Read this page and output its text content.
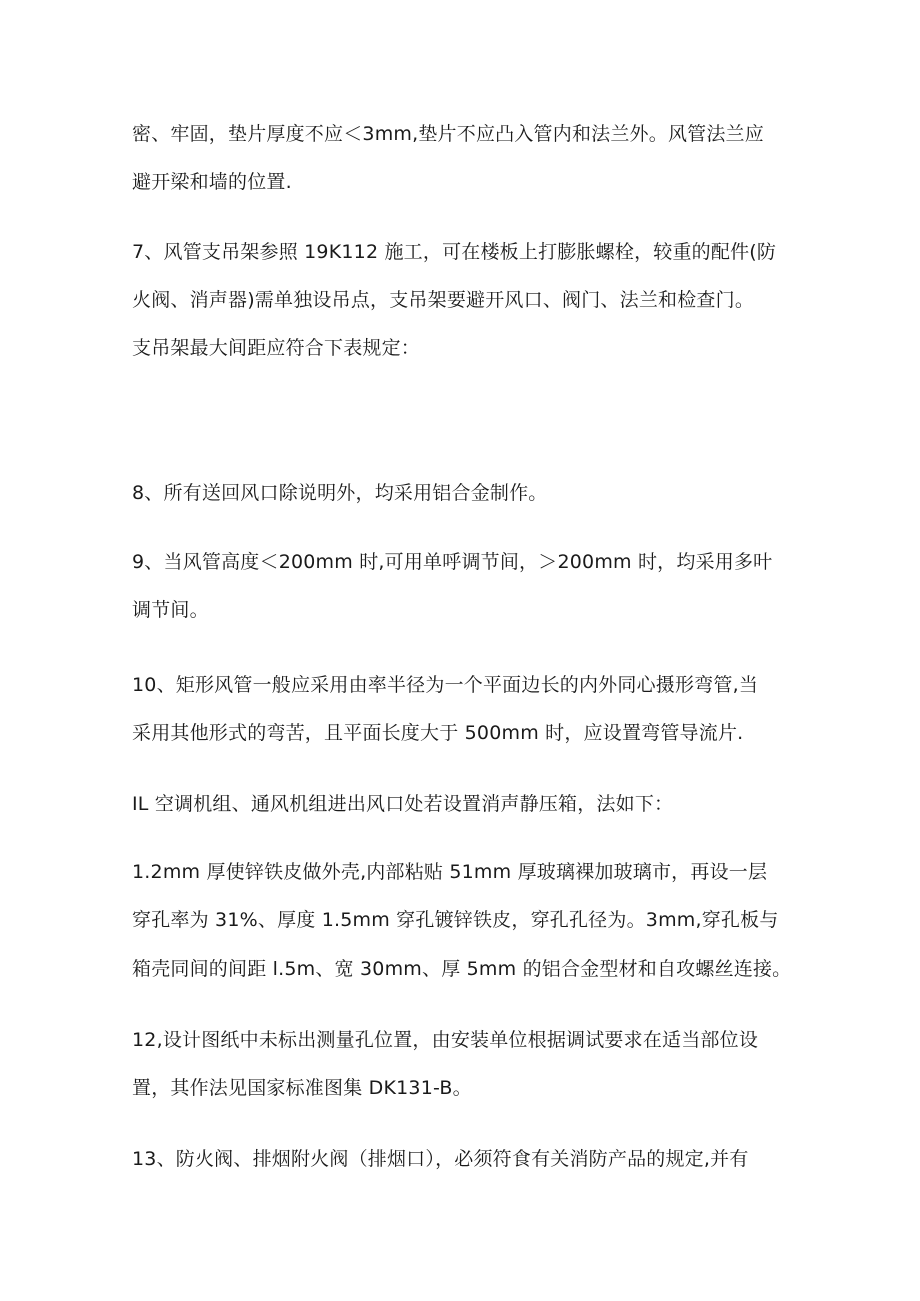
密、牢固，垫片厚度不应＜3mm,垫片不应凸入管内和法兰外。风管法兰应
避开梁和墙的位置.
7、风管支吊架参照 19K112 施工，可在楼板上打膨胀螺栓，较重的配件(防
火阀、消声器)需单独设吊点，支吊架要避开风口、阀门、法兰和检查门。
支吊架最大间距应符合下表规定：
8、所有送回风口除说明外，均采用铝合金制作。
9、当风管高度＜200mm 时,可用单呼调节间，＞200mm 时，均采用多叶
调节间。
10、矩形风管一般应采用由率半径为一个平面边长的内外同心摄形弯管,当
采用其他形式的弯苦，且平面长度大于 500mm 时，应设置弯管导流片.
IL 空调机组、通风机组进出风口处若设置消声静压箱，法如下：
1.2mm 厚使锌铁皮做外壳,内部粘贴 51mm 厚玻璃裸加玻璃市，再设一层
穿孔率为 31%、厚度 1.5mm 穿孔镀锌铁皮，穿孔孔径为。3mm,穿孔板与
箱壳同间的间距 l.5m、宽 30mm、厚 5mm 的铝合金型材和自攻螺丝连接。
12,设计图纸中未标出测量孔位置，由安装单位根据调试要求在适当部位设
置，其作法见国家标准图集 DK131-B。
13、防火阀、排烟附火阀（排烟口），必须符食有关消防产品的规定,并有
